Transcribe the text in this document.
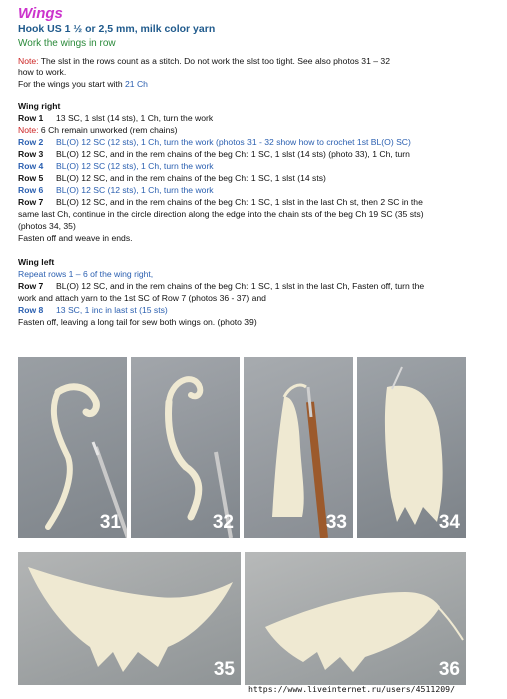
Wings
Hook US 1 ½ or 2,5 mm, milk color yarn
Work the wings in row
Note: The slst in the rows count as a stitch. Do not work the slst too tight. See also photos 31 – 32
how to work.
For the wings you start with 21 Ch
Wing right
Row 1 13 SC, 1 slst (14 sts), 1 Ch, turn the work
Note: 6 Ch remain unworked (rem chains)
Row 2 BL(O) 12 SC (12 sts), 1 Ch, turn the work (photos 31 - 32 show how to crochet 1st BL(O) SC)
Row 3 BL(O) 12 SC, and in the rem chains of the beg Ch: 1 SC, 1 slst (14 sts) (photo 33), 1 Ch, turn
Row 4 BL(O) 12 SC (12 sts), 1 Ch, turn the work
Row 5 BL(O) 12 SC, and in the rem chains of the beg Ch: 1 SC, 1 slst (14 sts)
Row 6 BL(O) 12 SC (12 sts), 1 Ch, turn the work
Row 7 BL(O) 12 SC, and in the rem chains of the beg Ch: 1 SC, 1 slst in the last Ch st, then 2 SC in the
same last Ch, continue in the circle direction along the edge into the chain sts of the beg Ch 19 SC (35 sts)
(photos 34, 35)
Fasten off and weave in ends.
Wing left
Repeat rows 1 – 6 of the wing right,
Row 7 BL(O) 12 SC, and in the rem chains of the beg Ch: 1 SC, 1 slst in the last Ch, Fasten off, turn the
work and attach yarn to the 1st SC of Row 7 (photos 36 - 37) and
Row 8 13 SC, 1 inc in last st (15 sts)
Fasten off, leaving a long tail for sew both wings on. (photo 39)
31	32	33	34
35	36
https://www.liveinternet.ru/users/4511209/
